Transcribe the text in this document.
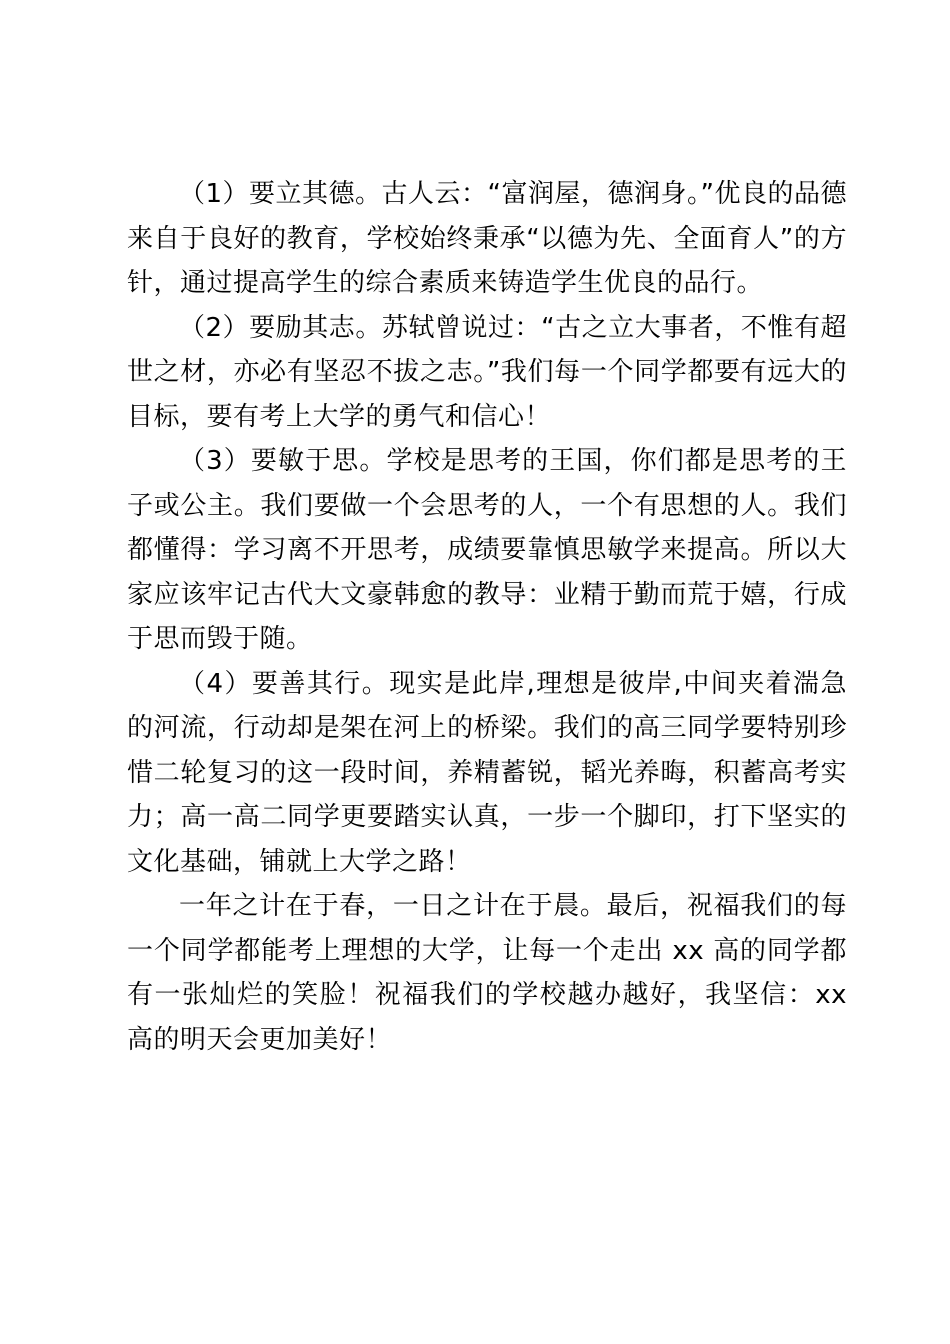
（1）要立其德。古人云：“富润屋，德润身。”优良的品德来自于良好的教育，学校始终秉承“以德为先、全面育人”的方针，通过提高学生的综合素质来铸造学生优良的品行。

（2）要励其志。苏轼曾说过：“古之立大事者，不惟有超世之材，亦必有坚忍不拔之志。”我们每一个同学都要有远大的目标，要有考上大学的勇气和信心！

（3）要敏于思。学校是思考的王国，你们都是思考的王子或公主。我们要做一个会思考的人，一个有思想的人。我们都懂得：学习离不开思考，成绩要靠慎思敏学来提高。所以大家应该牢记古代大文豪韩愈的教导：业精于勤而荒于嬉，行成于思而毁于随。

（4）要善其行。现实是此岸,理想是彼岸,中间夹着湍急的河流，行动却是架在河上的桥梁。我们的高三同学要特别珍惜二轮复习的这一段时间，养精蓄锐，韬光养晦，积蓄高考实力；高一高二同学更要踏实认真，一步一个脚印，打下坚实的文化基础，铺就上大学之路！

一年之计在于春，一日之计在于晨。最后，祝福我们的每一个同学都能考上理想的大学，让每一个走出 xx 高的同学都有一张灿烂的笑脸！祝福我们的学校越办越好，我坚信：xx 高的明天会更加美好！
